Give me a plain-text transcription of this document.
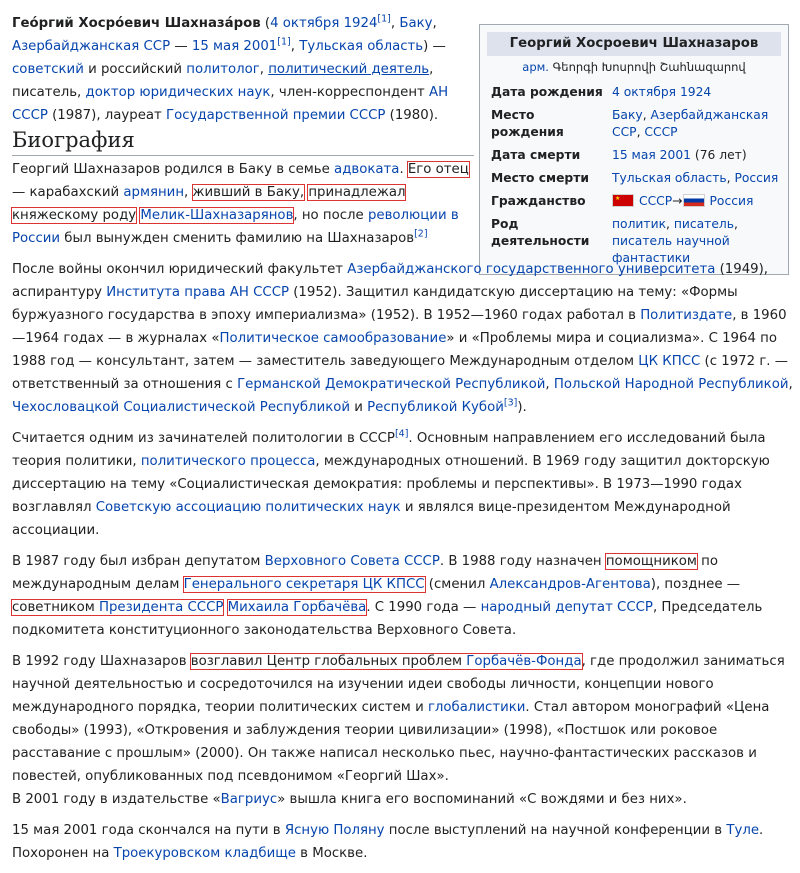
Георгий Хосроевич Шахназаров
арм. Գեորգի Խոսրովի Շահնազարով
Дата рождения	4 октября 1924
Место рождения	Баку, Азербайджанская ССР, СССР
Дата смерти	15 мая 2001 (76 лет)
Место смерти	Тульская область, Россия
Гражданство	★СССР→ Россия
Род деятельности	политик, писатель, писатель научной фантастики

Гео́ргий Хосро́евич Шахназа́ров (4 октября 1924[1], Баку, Азербайджанская ССР — 15 мая 2001[1], Тульская область) — советский и российский политолог, политический деятель, писатель, доктор юридических наук, член-корреспондент АН СССР (1987), лауреат Государственной премии СССР (1980).

Биография

Георгий Шахназаров родился в Баку в семье адвоката. Его отец — карабахский армянин, живший в Баку, принадлежал княжескому роду Мелик-Шахназарянов, но после революции в России был вынужден сменить фамилию на Шахназаров[2]

После войны окончил юридический факультет Азербайджанского государственного университета (1949), аспирантуру Института права АН СССР (1952). Защитил кандидатскую диссертацию на тему: «Формы буржуазного государства в эпоху империализма» (1952). В 1952—1960 годах работал в Политиздате, в 1960—1964 годах — в журналах «Политическое самообразование» и «Проблемы мира и социализма». С 1964 по 1988 год — консультант, затем — заместитель заведующего Международным отделом ЦК КПСС (с 1972 г. — ответственный за отношения с Германской Демократической Республикой, Польской Народной Республикой, Чехословацкой Социалистической Республикой и Республикой Кубой[3]).

Считается одним из зачинателей политологии в СССР[4]. Основным направлением его исследований была теория политики, политического процесса, международных отношений. В 1969 году защитил докторскую диссертацию на тему «Социалистическая демократия: проблемы и перспективы». В 1973—1990 годах возглавлял Советскую ассоциацию политических наук и являлся вице-президентом Международной ассоциации.

В 1987 году был избран депутатом Верховного Совета СССР. В 1988 году назначен помощником по международным делам Генерального секретаря ЦК КПСС (сменил Александров-Агентова), позднее — советником Президента СССР Михаила Горбачёва. С 1990 года — народный депутат СССР, Председатель подкомитета конституционного законодательства Верховного Совета.

В 1992 году Шахназаров возглавил Центр глобальных проблем Горбачёв-Фонда, где продолжил заниматься научной деятельностью и сосредоточился на изучении идеи свободы личности, концепции нового международного порядка, теории политических систем и глобалистики. Стал автором монографий «Цена свободы» (1993), «Откровения и заблуждения теории цивилизации» (1998), «Постшок или роковое расставание с прошлым» (2000). Он также написал несколько пьес, научно-фантастических рассказов и повестей, опубликованных под псевдонимом «Георгий Шах».
В 2001 году в издательстве «Вагриус» вышла книга его воспоминаний «С вождями и без них».

15 мая 2001 года скончался на пути в Ясную Поляну после выступлений на научной конференции в Туле. Похоронен на Троекуровском кладбище в Москве.
